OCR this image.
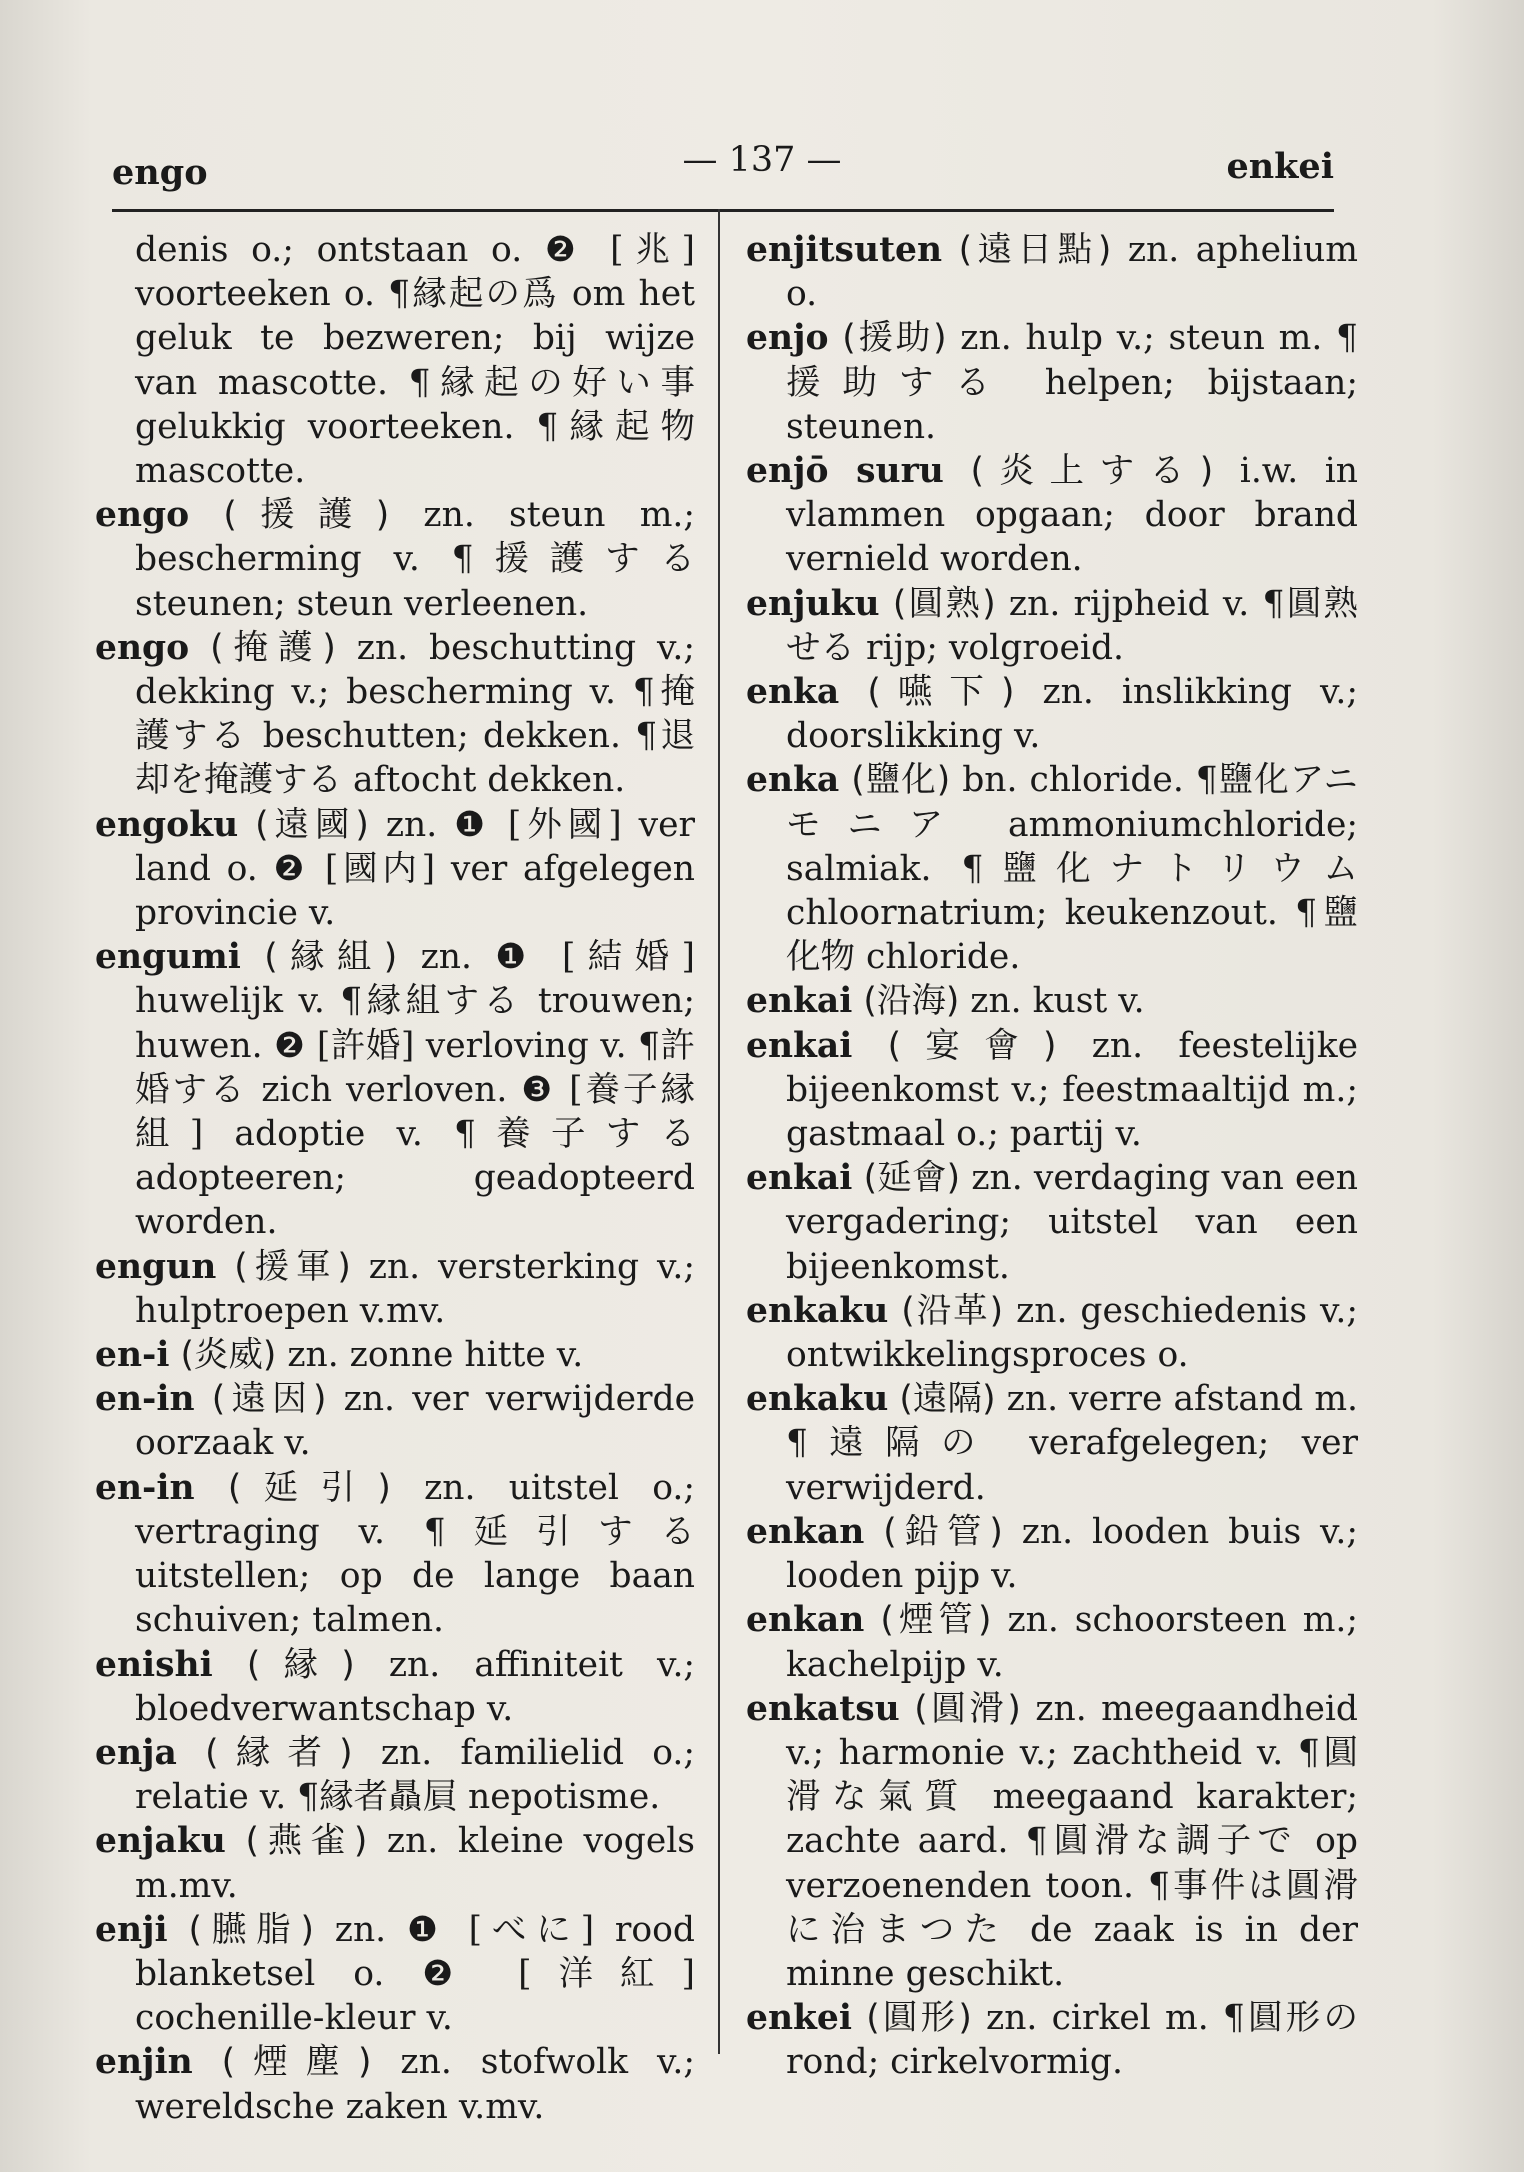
engo	— 137 —	enkei

denis o.; ontstaan o. ❷ [兆] voorteeken o. ¶縁起の爲 om het geluk te bezweren; bij wijze van mascotte. ¶縁起の好い事 gelukkig voorteeken. ¶縁起物 mascotte.

engo (援護) zn. steun m.; bescherming v. ¶援護する steunen; steun verleenen.

engo (掩護) zn. beschutting v.; dekking v.; bescherming v. ¶掩護する beschutten; dekken. ¶退却を掩護する aftocht dekken.

engoku (遠國) zn. ❶ [外國] ver land o. ❷ [國内] ver afgelegen provincie v.

engumi (縁組) zn. ❶ [結婚] huwelijk v. ¶縁組する trouwen; huwen. ❷ [許婚] verloving v. ¶許婚する zich verloven. ❸ [養子縁組] adoptie v. ¶養子する adopteeren; geadopteerd worden.

engun (援軍) zn. versterking v.; hulptroepen v.mv.

en-i (炎威) zn. zonne hitte v.

en-in (遠因) zn. ver verwijderde oorzaak v.

en-in (延引) zn. uitstel o.; vertraging v. ¶延引する uitstellen; op de lange baan schuiven; talmen.

enishi (縁) zn. affiniteit v.; bloedverwantschap v.

enja (縁者) zn. familielid o.; relatie v. ¶縁者贔屓 nepotisme.

enjaku (燕雀) zn. kleine vogels m.mv.

enji (臙脂) zn. ❶ [べに] rood blanketsel o. ❷ [洋紅] cochenille-kleur v.

enjin (煙塵) zn. stofwolk v.; wereldsche zaken v.mv.

enjitsuten (遠日點) zn. aphelium o.

enjo (援助) zn. hulp v.; steun m. ¶援助する helpen; bijstaan; steunen.

enjō suru (炎上する) i.w. in vlammen opgaan; door brand vernield worden.

enjuku (圓熟) zn. rijpheid v. ¶圓熟せる rijp; volgroeid.

enka (嚥下) zn. inslikking v.; doorslikking v.

enka (鹽化) bn. chloride. ¶鹽化アニモニア ammoniumchloride; salmiak. ¶鹽化ナトリウム chloornatrium; keukenzout. ¶鹽化物 chloride.

enkai (沿海) zn. kust v.

enkai (宴會) zn. feestelijke bijeenkomst v.; feestmaaltijd m.; gastmaal o.; partij v.

enkai (延會) zn. verdaging van een vergadering; uitstel van een bijeenkomst.

enkaku (沿革) zn. geschiedenis v.; ontwikkelingsproces o.

enkaku (遠隔) zn. verre afstand m. ¶遠隔の verafgelegen; ver verwijderd.

enkan (鉛管) zn. looden buis v.; looden pijp v.

enkan (煙管) zn. schoorsteen m.; kachelpijp v.

enkatsu (圓滑) zn. meegaandheid v.; harmonie v.; zachtheid v. ¶圓滑な氣質 meegaand karakter; zachte aard. ¶圓滑な調子で op verzoenenden toon. ¶事件は圓滑に治まつた de zaak is in der minne geschikt.

enkei (圓形) zn. cirkel m. ¶圓形の rond; cirkelvormig.
